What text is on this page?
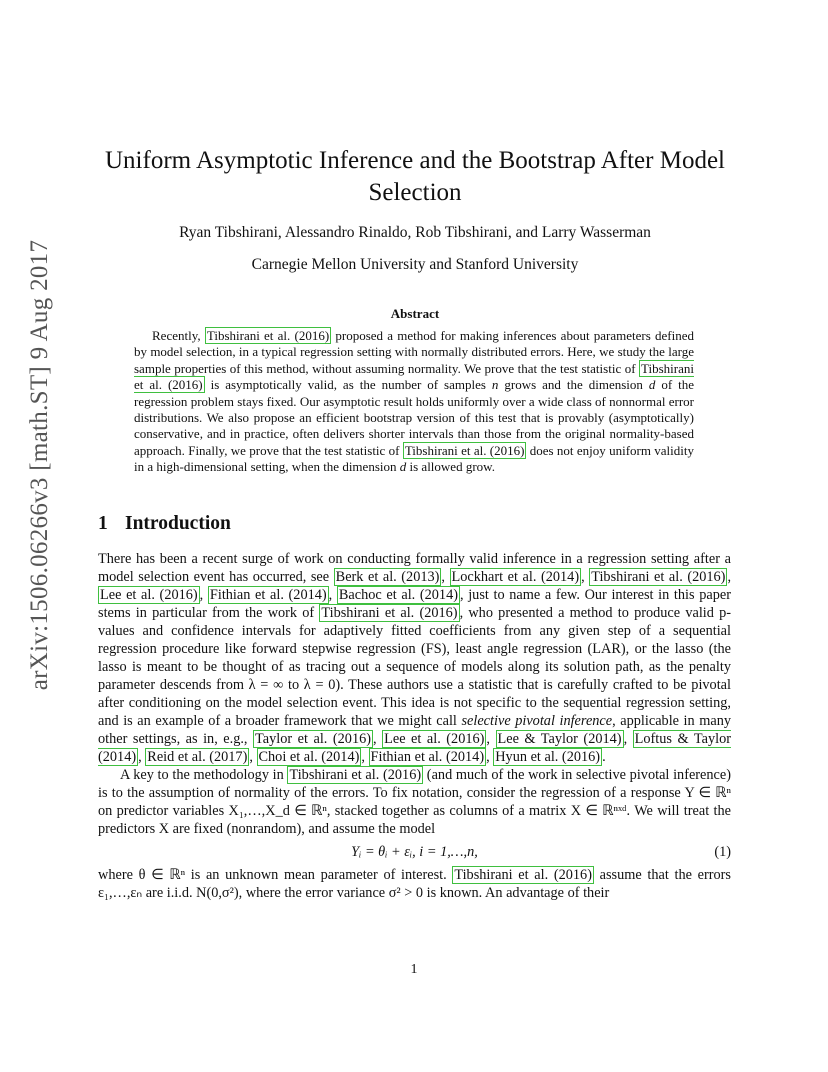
arXiv:1506.06266v3 [math.ST] 9 Aug 2017
Uniform Asymptotic Inference and the Bootstrap After Model Selection
Ryan Tibshirani, Alessandro Rinaldo, Rob Tibshirani, and Larry Wasserman
Carnegie Mellon University and Stanford University
Abstract

Recently, Tibshirani et al. (2016) proposed a method for making inferences about parameters defined by model selection, in a typical regression setting with normally distributed errors. Here, we study the large sample properties of this method, without assuming normality. We prove that the test statistic of Tibshirani et al. (2016) is asymptotically valid, as the number of samples n grows and the dimension d of the regression problem stays fixed. Our asymptotic result holds uniformly over a wide class of nonnormal error distributions. We also propose an efficient bootstrap version of this test that is provably (asymptotically) conservative, and in practice, often delivers shorter intervals than those from the original normality-based approach. Finally, we prove that the test statistic of Tibshirani et al. (2016) does not enjoy uniform validity in a high-dimensional setting, when the dimension d is allowed grow.

1 Introduction

There has been a recent surge of work on conducting formally valid inference in a regression setting after a model selection event has occurred, see Berk et al. (2013) , Lockhart et al. (2014) , Tibshirani et al. (2016) , Lee et al. (2016) , Fithian et al. (2014) , Bachoc et al. (2014) , just to name a few. Our interest in this paper stems in particular from the work of Tibshirani et al. (2016) , who presented a method to produce valid p-values and confidence intervals for adaptively fitted coefficients from any given step of a sequential regression procedure like forward stepwise regression (FS), least angle regression (LAR), or the lasso (the lasso is meant to be thought of as tracing out a sequence of models along its solution path, as the penalty parameter descends from λ = ∞ to λ = 0). These authors use a statistic that is carefully crafted to be pivotal after conditioning on the model selection event. This idea is not specific to the sequential regression setting, and is an example of a broader framework that we might call selective pivotal inference, applicable in many other settings, as in, e.g., Taylor et al. (2016) , Lee et al. (2016) , Lee & Taylor (2014) , Loftus & Taylor (2014) , Reid et al. (2017) , Choi et al. (2014) , Fithian et al. (2014) , Hyun et al. (2016) .

A key to the methodology in Tibshirani et al. (2016) (and much of the work in selective pivotal inference) is to the assumption of normality of the errors. To fix notation, consider the regression of a response Y ∈ ℝⁿ on predictor variables X₁,…,X_d ∈ ℝⁿ, stacked together as columns of a matrix X ∈ ℝⁿˣᵈ. We will treat the predictors X are fixed (nonrandom), and assume the model

Yᵢ = θᵢ + εᵢ, i = 1,…,n,	(1)

where θ ∈ ℝⁿ is an unknown mean parameter of interest. Tibshirani et al. (2016) assume that the errors ε₁,…,εₙ are i.i.d. N(0,σ²), where the error variance σ² > 0 is known. An advantage of their

1
